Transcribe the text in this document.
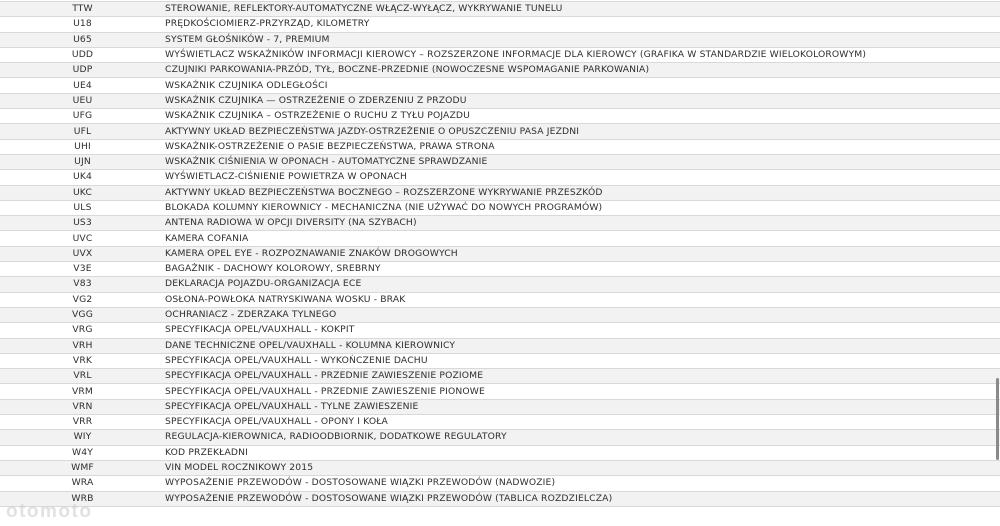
TTW	STEROWANIE, REFLEKTORY-AUTOMATYCZNE WŁĄCZ-WYŁĄCZ, WYKRYWANIE TUNELU
U18	PRĘDKOŚCIOMIERZ-PRZYRZĄD, KILOMETRY
U65	SYSTEM GŁOŚNIKÓW - 7, PREMIUM
UDD	WYŚWIETLACZ WSKAŹNIKÓW INFORMACJI KIEROWCY – ROZSZERZONE INFORMACJE DLA KIEROWCY (GRAFIKA W STANDARDZIE WIELOKOLOROWYM)
UDP	CZUJNIKI PARKOWANIA-PRZÓD, TYŁ, BOCZNE-PRZEDNIE (NOWOCZESNE WSPOMAGANIE PARKOWANIA)
UE4	WSKAŹNIK CZUJNIKA ODLEGŁOŚCI
UEU	WSKAŹNIK CZUJNIKA — OSTRZEŻENIE O ZDERZENIU Z PRZODU
UFG	WSKAŹNIK CZUJNIKA – OSTRZEŻENIE O RUCHU Z TYŁU POJAZDU
UFL	AKTYWNY UKŁAD BEZPIECZEŃSTWA JAZDY-OSTRZEŻENIE O OPUSZCZENIU PASA JEZDNI
UHI	WSKAŹNIK-OSTRZEŻENIE O PASIE BEZPIECZEŃSTWA, PRAWA STRONA
UJN	WSKAŹNIK CIŚNIENIA W OPONACH - AUTOMATYCZNE SPRAWDZANIE
UK4	WYŚWIETLACZ-CIŚNIENIE POWIETRZA W OPONACH
UKC	AKTYWNY UKŁAD BEZPIECZEŃSTWA BOCZNEGO – ROZSZERZONE WYKRYWANIE PRZESZKÓD
ULS	BLOKADA KOLUMNY KIEROWNICY - MECHANICZNA (NIE UŻYWAĆ DO NOWYCH PROGRAMÓW)
US3	ANTENA RADIOWA W OPCJI DIVERSITY (NA SZYBACH)
UVC	KAMERA COFANIA
UVX	KAMERA OPEL EYE - ROZPOZNAWANIE ZNAKÓW DROGOWYCH
V3E	BAGAŻNIK - DACHOWY KOLOROWY, SREBRNY
V83	DEKLARACJA POJAZDU-ORGANIZACJA ECE
VG2	OSŁONA-POWŁOKA NATRYSKIWANA WOSKU - BRAK
VGG	OCHRANIACZ - ZDERZAKA TYLNEGO
VRG	SPECYFIKACJA OPEL/VAUXHALL - KOKPIT
VRH	DANE TECHNICZNE OPEL/VAUXHALL - KOLUMNA KIEROWNICY
VRK	SPECYFIKACJA OPEL/VAUXHALL - WYKOŃCZENIE DACHU
VRL	SPECYFIKACJA OPEL/VAUXHALL - PRZEDNIE ZAWIESZENIE POZIOME
VRM	SPECYFIKACJA OPEL/VAUXHALL - PRZEDNIE ZAWIESZENIE PIONOWE
VRN	SPECYFIKACJA OPEL/VAUXHALL - TYLNE ZAWIESZENIE
VRR	SPECYFIKACJA OPEL/VAUXHALL - OPONY I KOŁA
WIY	REGULACJA-KIEROWNICA, RADIOODBIORNIK, DODATKOWE REGULATORY
W4Y	KOD PRZEKŁADNI
WMF	VIN MODEL ROCZNIKOWY 2015
WRA	WYPOSAŻENIE PRZEWODÓW - DOSTOSOWANE WIĄZKI PRZEWODÓW (NADWOZIE)
WRB	WYPOSAŻENIE PRZEWODÓW - DOSTOSOWANE WIĄZKI PRZEWODÓW (TABLICA ROZDZIELCZA)
otomoto
